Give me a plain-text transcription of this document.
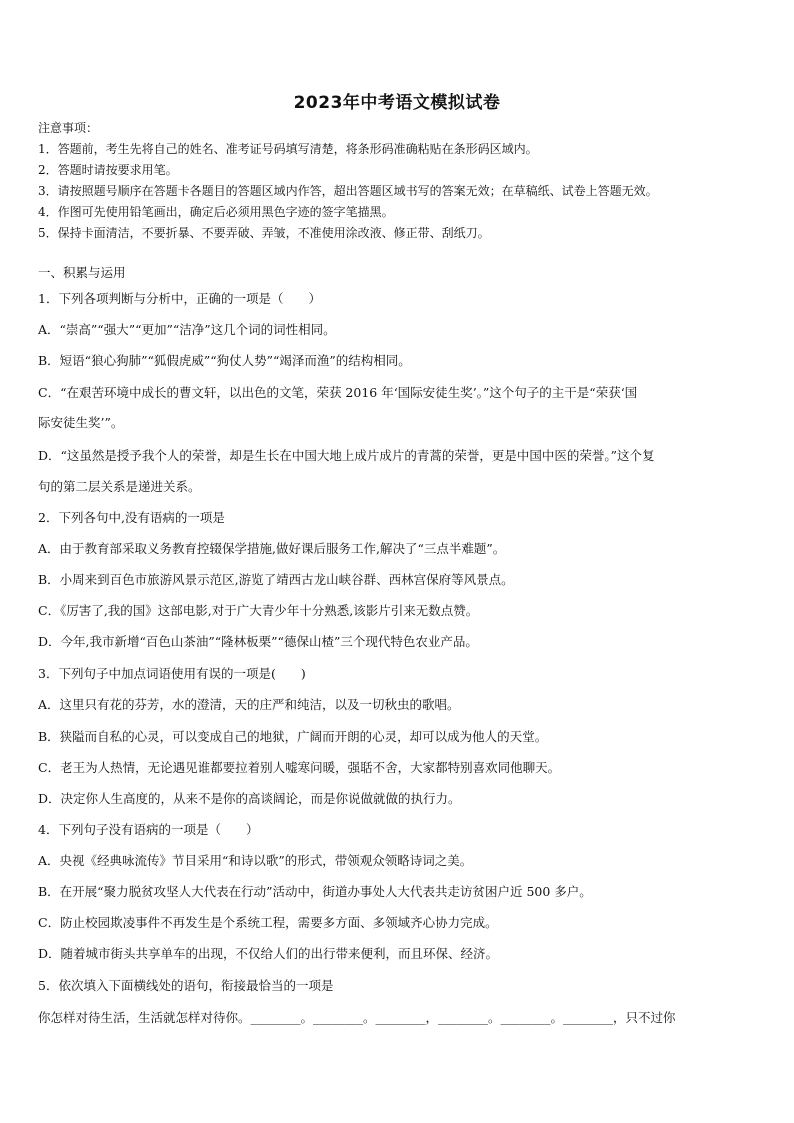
2023年中考语文模拟试卷
注意事项：
1．答题前，考生先将自己的姓名、准考证号码填写清楚，将条形码准确粘贴在条形码区域内。
2．答题时请按要求用笔。
3．请按照题号顺序在答题卡各题目的答题区域内作答，超出答题区域书写的答案无效；在草稿纸、试卷上答题无效。
4．作图可先使用铅笔画出，确定后必须用黑色字迹的签字笔描黑。
5．保持卡面清洁，不要折暴、不要弄破、弄皱，不准使用涂改液、修正带、刮纸刀。
一、积累与运用
1．下列各项判断与分析中，正确的一项是（　　）
A．“崇高”“强大”“更加”“洁净”这几个词的词性相同。
B．短语“狼心狗肺”“狐假虎威”“狗仗人势”“竭泽而渔”的结构相同。
C．“在艰苦环境中成长的曹文轩，以出色的文笔，荣获 2016 年‘国际安徒生奖’。”这个句子的主干是“荣获‘国
际安徒生奖’”。
D．“这虽然是授予我个人的荣誉，却是生长在中国大地上成片成片的青蒿的荣誉，更是中国中医的荣誉。”这个复
句的第二层关系是递进关系。
2．下列各句中,没有语病的一项是
A．由于教育部采取义务教育控辍保学措施,做好课后服务工作,解决了“三点半难题”。
B．小周来到百色市旅游风景示范区,游览了靖西古龙山峡谷群、西林宫保府等风景点。
C．《厉害了,我的国》这部电影,对于广大青少年十分熟悉,该影片引来无数点赞。
D．今年,我市新增“百色山茶油”“隆林板栗”“德保山楂”三个现代特色农业产品。
3．下列句子中加点词语使用有误的一项是(　　)
A．这里只有花的芬芳，水的澄清，天的庄严和纯洁，以及一切秋虫的歌唱。
B．狭隘而自私的心灵，可以变成自己的地狱，广阔而开朗的心灵，却可以成为他人的天堂。
C．老王为人热情，无论遇见谁都要拉着别人嘘寒问暖，强聒不舍，大家都特别喜欢同他聊天。
D．决定你人生高度的，从来不是你的高谈阔论，而是你说做就做的执行力。
4．下列句子没有语病的一项是（　　）
A．央视《经典咏流传》节目采用“和诗以歌”的形式，带领观众领略诗词之美。
B．在开展“聚力脱贫攻坚人大代表在行动”活动中，街道办事处人大代表共走访贫困户近 500 多户。
C．防止校园欺凌事件不再发生是个系统工程，需要多方面、多领域齐心协力完成。
D．随着城市街头共享单车的出现，不仅给人们的出行带来便利，而且环保、经济。
5．依次填入下面横线处的语句，衔接最恰当的一项是
你怎样对待生活，生活就怎样对待你。________。________。________，________。________。________，只不过你
